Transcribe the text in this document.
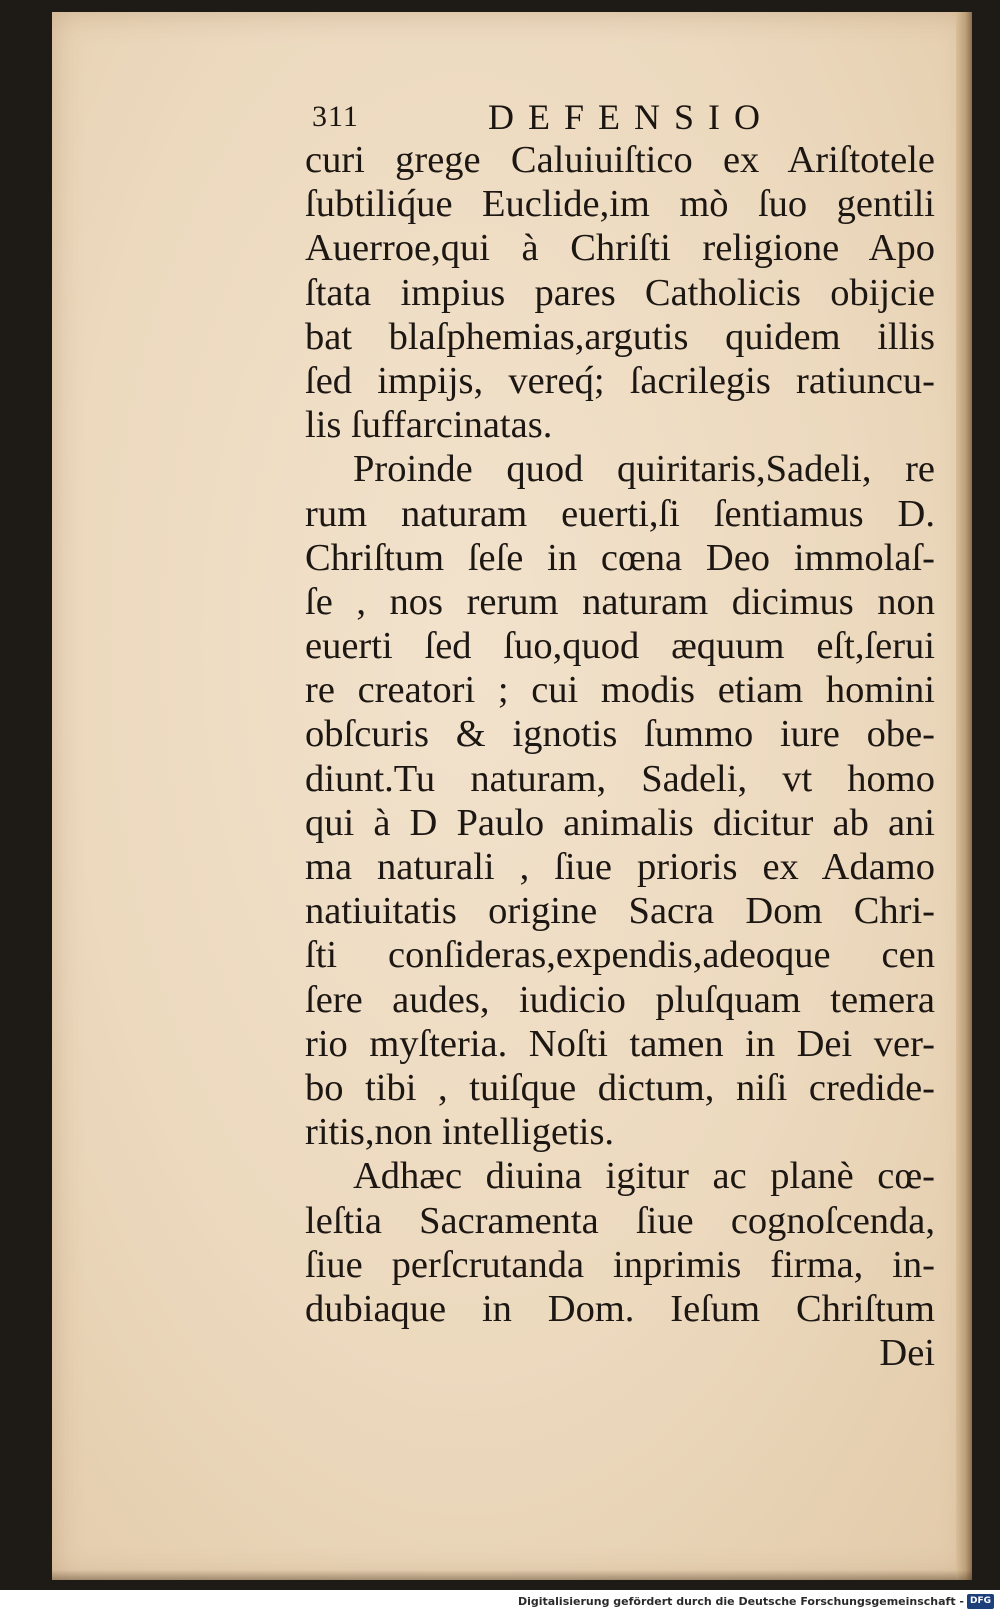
311	DEFENSIO
curi grege Caluiuiſtico ex Ariſtotele
ſubtiliq́ue Euclide,im mò ſuo gentili
Auerroe,qui à Chriſti religione Apo
ſtata impius pares Catholicis obijcie
bat blaſphemias,argutis quidem illis
ſed impijs, vereq́; ſacrilegis ratiuncu-
lis ſuffarcinatas.
Proinde quod quiritaris,Sadeli, re
rum naturam euerti,ſi ſentiamus D.
Chriſtum ſeſe in cœna Deo immolaſ-
ſe , nos rerum naturam dicimus non
euerti ſed ſuo,quod æquum eſt,ſerui
re creatori ; cui modis etiam homini
obſcuris & ignotis ſummo iure obe-
diunt.Tu naturam, Sadeli, vt homo
qui à D Paulo animalis dicitur ab ani
ma naturali , ſiue prioris ex Adamo
natiuitatis origine Sacra Dom Chri-
ſti conſideras,expendis,adeoque cen
ſere audes, iudicio pluſquam temera
rio myſteria. Noſti tamen in Dei ver-
bo tibi , tuiſque dictum, niſi credide-
ritis,non intelligetis.
Adhæc diuina igitur ac planè cœ-
leſtia Sacramenta ſiue cognoſcenda,
ſiue perſcrutanda inprimis firma, in-
dubiaque in Dom. Ieſum Chriſtum
Dei
Digitalisierung gefördert durch die Deutsche Forschungsgemeinschaft - DFG
